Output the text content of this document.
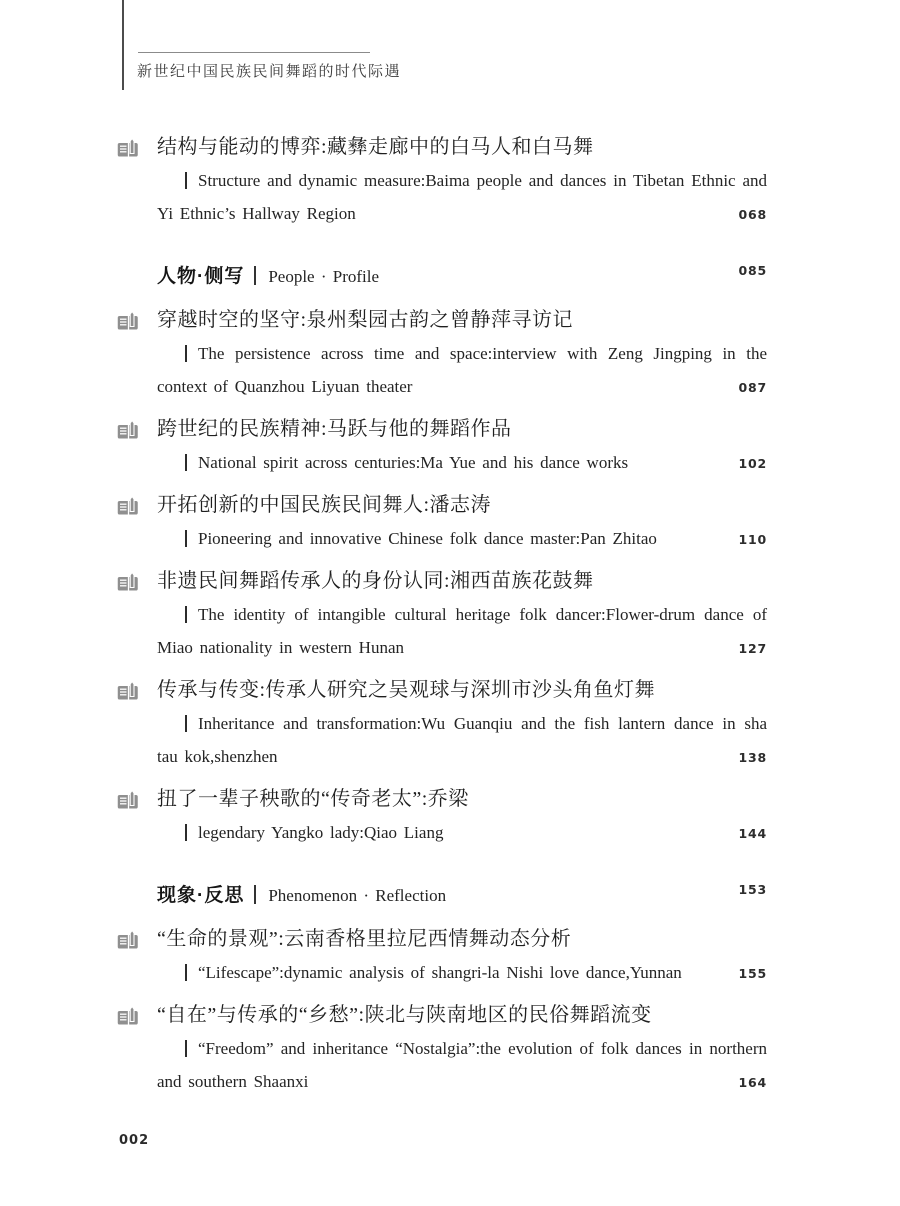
新世纪中国民族民间舞蹈的时代际遇
结构与能动的博弈:藏彝走廊中的白马人和白马舞
Structure and dynamic measure:Baima people and dances in Tibetan Ethnic and Yi Ethnic’s Hallway Region	068
人物·侧写 People · Profile	085
穿越时空的坚守:泉州梨园古韵之曾静萍寻访记
The persistence across time and space:interview with Zeng Jingping in the context of Quanzhou Liyuan theater	087
跨世纪的民族精神:马跃与他的舞蹈作品
National spirit across centuries:Ma Yue and his dance works	102
开拓创新的中国民族民间舞人:潘志涛
Pioneering and innovative Chinese folk dance master:Pan Zhitao	110
非遗民间舞蹈传承人的身份认同:湘西苗族花鼓舞
The identity of intangible cultural heritage folk dancer:Flower-drum dance of Miao nationality in western Hunan	127
传承与传变:传承人研究之吴观球与深圳市沙头角鱼灯舞
Inheritance and transformation:Wu Guanqiu and the fish lantern dance in sha tau kok,shenzhen	138
扭了一辈子秧歌的“传奇老太”:乔梁
legendary Yangko lady:Qiao Liang	144
现象·反思 Phenomenon · Reflection	153
“生命的景观”:云南香格里拉尼西情舞动态分析
“Lifescape”:dynamic analysis of shangri-la Nishi love dance,Yunnan	155
“自在”与传承的“乡愁”:陕北与陕南地区的民俗舞蹈流变
“Freedom” and inheritance “Nostalgia”:the evolution of folk dances in northern and southern Shaanxi	164
002
